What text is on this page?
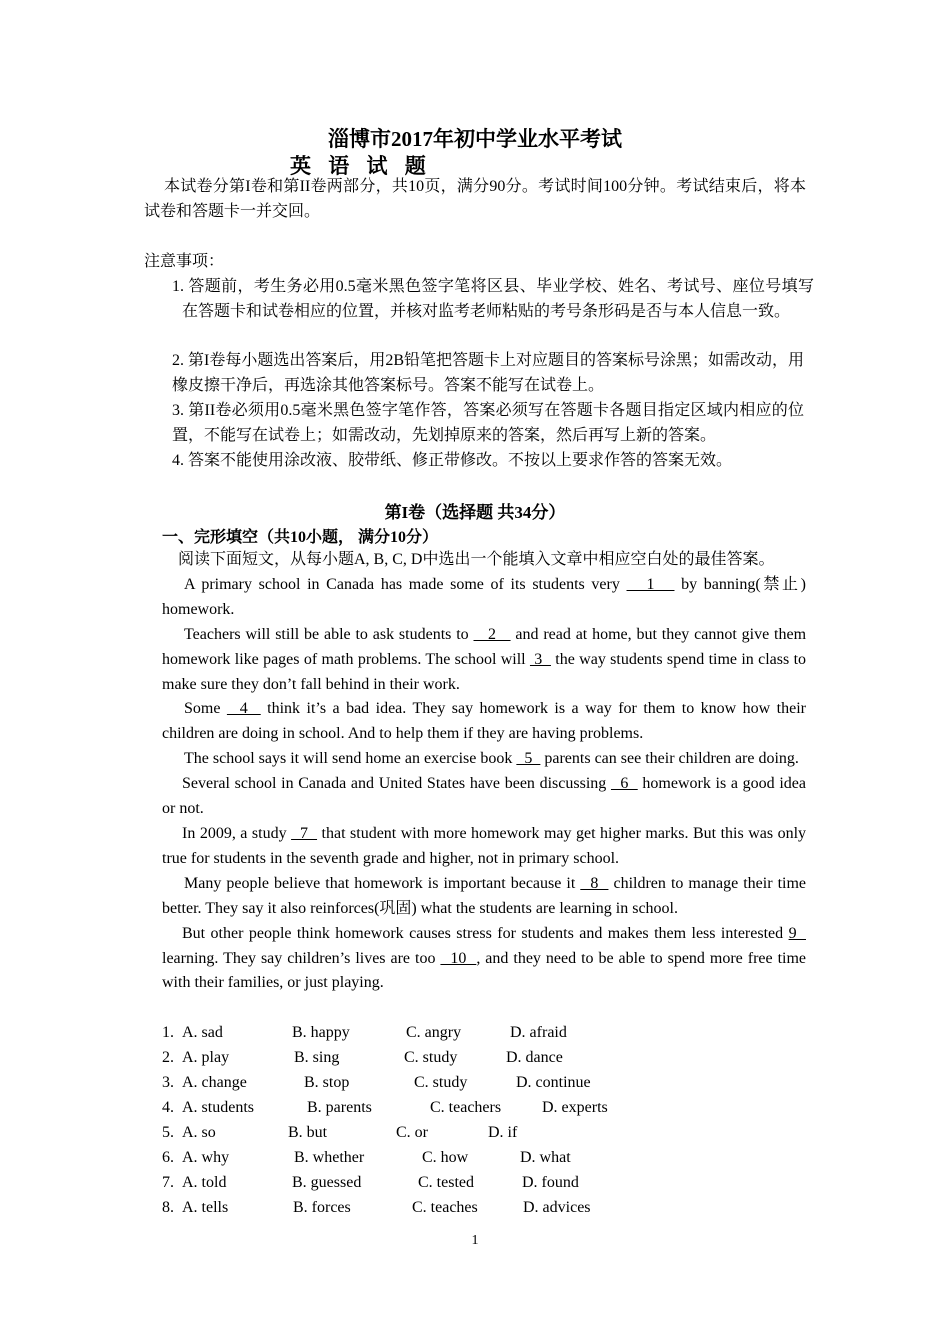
淄博市2017年初中学业水平考试
英 语 试 题
本试卷分第I卷和第II卷两部分，共10页，满分90分。考试时间100分钟。考试结束后，将本试卷和答题卡一并交回。
注意事项：
1. 答题前，考生务必用0.5毫米黑色签字笔将区县、毕业学校、姓名、考试号、座位号填写在答题卡和试卷相应的位置，并核对监考老师粘贴的考号条形码是否与本人信息一致。
2. 第I卷每小题选出答案后，用2B铅笔把答题卡上对应题目的答案标号涂黑；如需改动，用橡皮擦干净后，再选涂其他答案标号。答案不能写在试卷上。
3. 第II卷必须用0.5毫米黑色签字笔作答，答案必须写在答题卡各题目指定区域内相应的位置，不能写在试卷上；如需改动，先划掉原来的答案，然后再写上新的答案。
4. 答案不能使用涂改液、胶带纸、修正带修改。不按以上要求作答的答案无效。
第I卷（选择题 共34分）
一、完形填空（共10小题， 满分10分）

阅读下面短文，从每小题A, B, C, D中选出一个能填入文章中相应空白处的最佳答案。

A primary school in Canada has made some of its students very    1    by banning(禁止) homework.

Teachers will still be able to ask students to    2    and read at home, but they cannot give them homework like pages of math problems. The school will  3   the way students spend time in class to make sure they don’t fall behind in their work.

Some   4   think it’s a bad idea. They say homework is a way for them to know how their children are doing in school. And to help them if they are having problems.

The school says it will send home an exercise book   5   parents can see their children are doing.

Several school in Canada and United States have been discussing   6   homework is a good idea or not.

In 2009, a study   7   that student with more homework may get higher marks. But this was only true for students in the seventh grade and higher, not in primary school.

Many people believe that homework is important because it   8   children to manage their time better. They say it also reinforces(巩固) what the students are learning in school.

But other people think homework causes stress for students and makes them less interested 9   learning. They say children’s lives are too   10  , and they need to be able to spend more free time with their families, or just playing.

1. A. sad	B. happy	C. angry	D. afraid
2. A. play	B. sing	C. study	D. dance
3. A. change	B. stop	C. study	D. continue
4. A. students	B. parents	C. teachers	D. experts
5. A. so	B. but	C. or	D. if
6. A. why	B. whether	C. how	D. what
7. A. told	B. guessed	C. tested	D. found
8. A. tells	B. forces	C. teaches	D. advices
1
